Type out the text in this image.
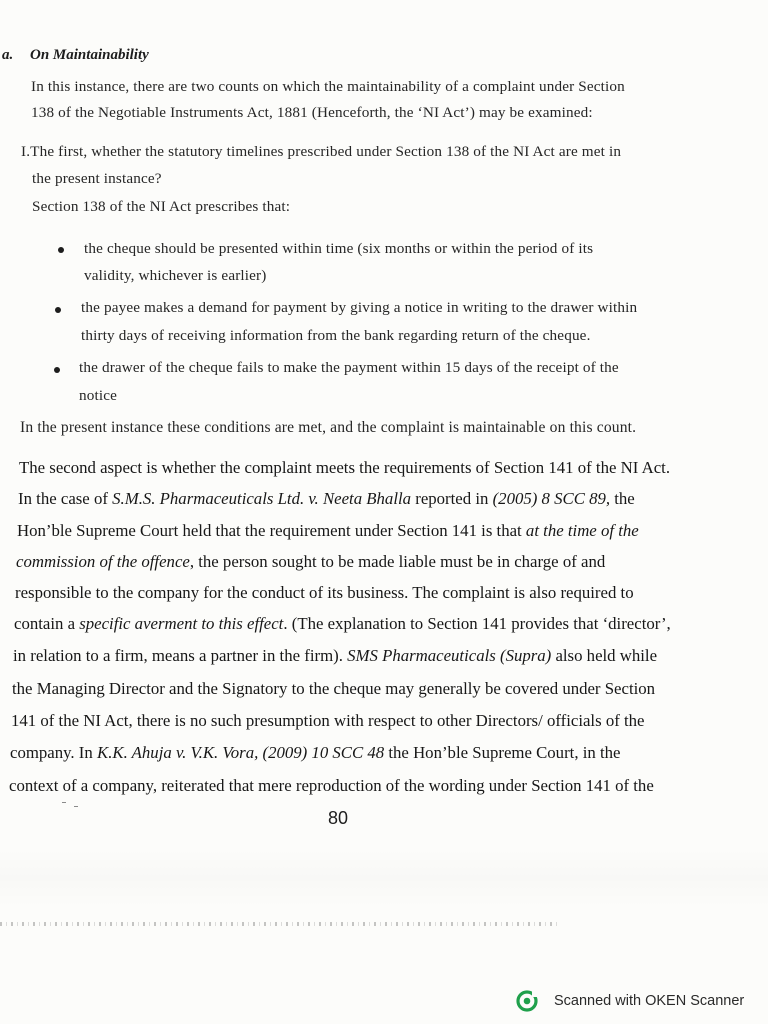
a. On Maintainability
In this instance, there are two counts on which the maintainability of a complaint under Section
138 of the Negotiable Instruments Act, 1881 (Henceforth, the ‘NI Act’) may be examined:
I.The first, whether the statutory timelines prescribed under Section 138 of the NI Act are met in
the present instance?
Section 138 of the NI Act prescribes that:
the cheque should be presented within time (six months or within the period of its
validity, whichever is earlier)
the payee makes a demand for payment by giving a notice in writing to the drawer within
thirty days of receiving information from the bank regarding return of the cheque.
the drawer of the cheque fails to make the payment within 15 days of the receipt of the
notice
In the present instance these conditions are met, and the complaint is maintainable on this count.
The second aspect is whether the complaint meets the requirements of Section 141 of the NI Act.
In the case of S.M.S. Pharmaceuticals Ltd. v. Neeta Bhalla reported in (2005) 8 SCC 89, the
Hon’ble Supreme Court held that the requirement under Section 141 is that at the time of the
commission of the offence, the person sought to be made liable must be in charge of and
responsible to the company for the conduct of its business. The complaint is also required to
contain a specific averment to this effect. (The explanation to Section 141 provides that ‘director’,
in relation to a firm, means a partner in the firm). SMS Pharmaceuticals (Supra) also held while
the Managing Director and the Signatory to the cheque may generally be covered under Section
141 of the NI Act, there is no such presumption with respect to other Directors/ officials of the
company. In K.K. Ahuja v. V.K. Vora, (2009) 10 SCC 48 the Hon’ble Supreme Court, in the
context of a company, reiterated that mere reproduction of the wording under Section 141 of the
80
Scanned with OKEN Scanner
